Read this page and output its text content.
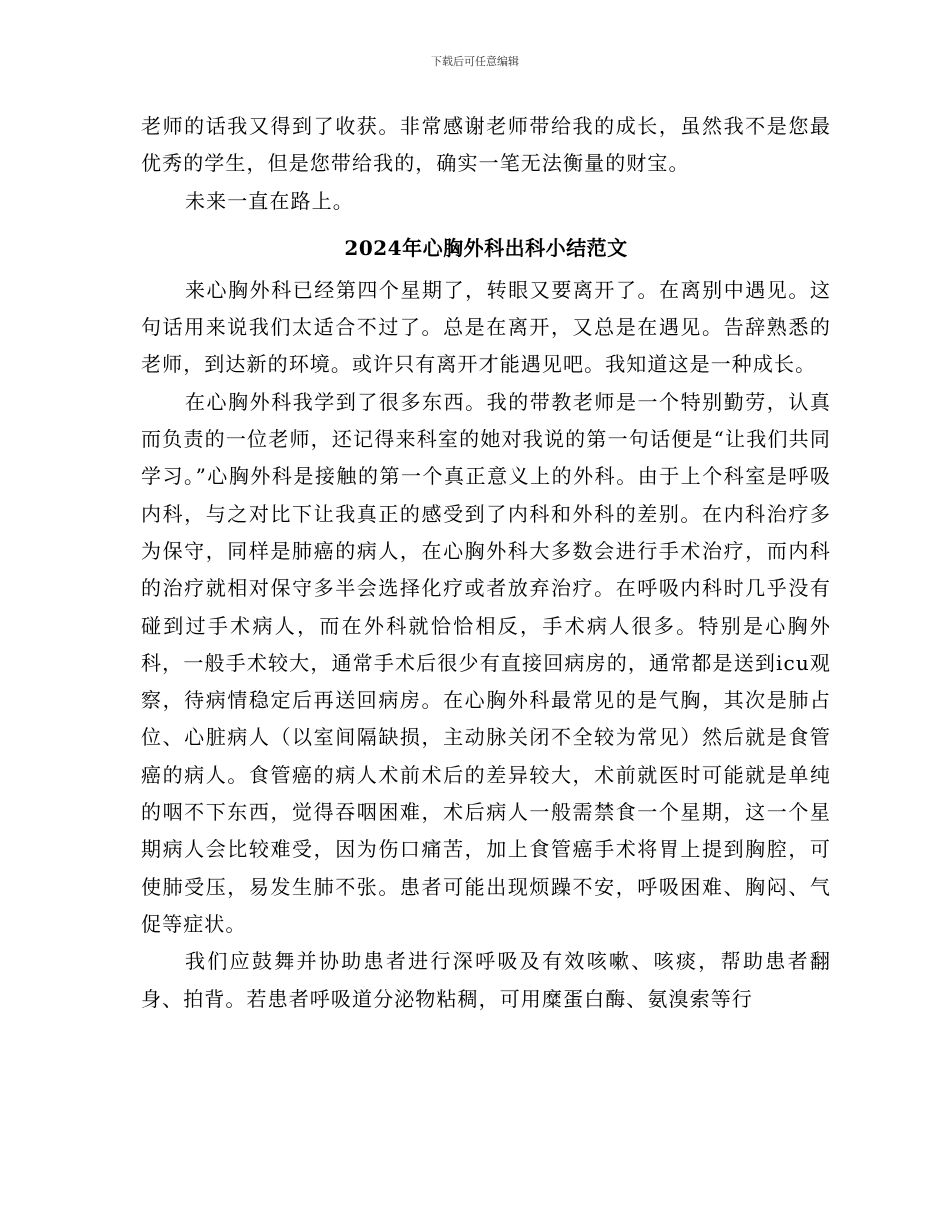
下载后可任意编辑

老师的话我又得到了收获。非常感谢老师带给我的成长，虽然我不是您最优秀的学生，但是您带给我的，确实一笔无法衡量的财宝。

未来一直在路上。

2024年心胸外科出科小结范文

来心胸外科已经第四个星期了，转眼又要离开了。在离别中遇见。这句话用来说我们太适合不过了。总是在离开，又总是在遇见。告辞熟悉的老师，到达新的环境。或许只有离开才能遇见吧。我知道这是一种成长。

在心胸外科我学到了很多东西。我的带教老师是一个特别勤劳，认真而负责的一位老师，还记得来科室的她对我说的第一句话便是“让我们共同学习。”心胸外科是接触的第一个真正意义上的外科。由于上个科室是呼吸内科，与之对比下让我真正的感受到了内科和外科的差别。在内科治疗多为保守，同样是肺癌的病人，在心胸外科大多数会进行手术治疗，而内科的治疗就相对保守多半会选择化疗或者放弃治疗。在呼吸内科时几乎没有碰到过手术病人，而在外科就恰恰相反，手术病人很多。特别是心胸外科，一般手术较大，通常手术后很少有直接回病房的，通常都是送到icu观察，待病情稳定后再送回病房。在心胸外科最常见的是气胸，其次是肺占位、心脏病人（以室间隔缺损，主动脉关闭不全较为常见）然后就是食管癌的病人。食管癌的病人术前术后的差异较大，术前就医时可能就是单纯的咽不下东西，觉得吞咽困难，术后病人一般需禁食一个星期，这一个星期病人会比较难受，因为伤口痛苦，加上食管癌手术将胃上提到胸腔，可使肺受压，易发生肺不张。患者可能出现烦躁不安，呼吸困难、胸闷、气促等症状。

我们应鼓舞并协助患者进行深呼吸及有效咳嗽、咳痰，帮助患者翻身、拍背。若患者呼吸道分泌物粘稠，可用糜蛋白酶、氨溴索等行
